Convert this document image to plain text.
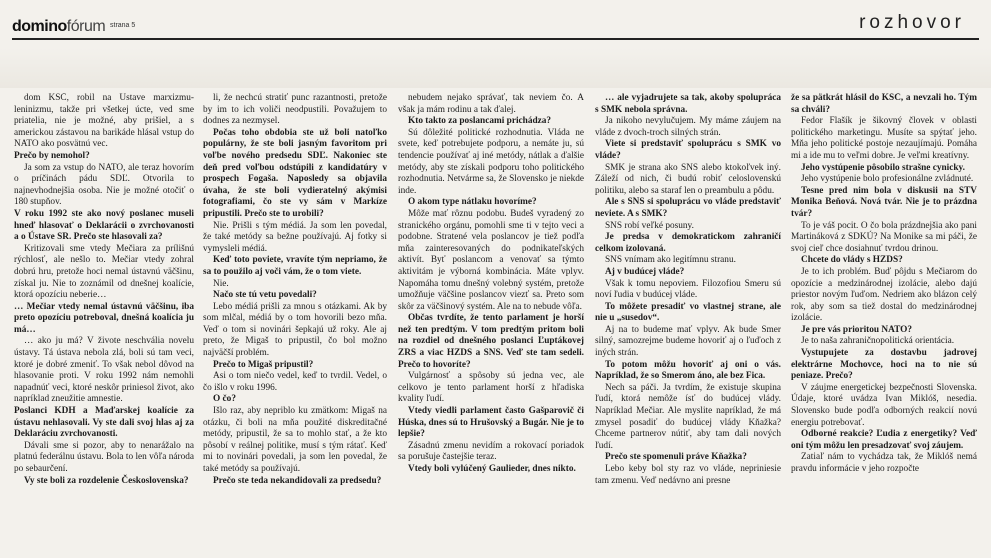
dominofórum strana 5	rozhovor

dom KSČ, robil na Ústave marxizmu-leninizmu, takže pri všetkej úcte, ved sme priatelia, nie je možné, aby prišiel, a s americkou zástavou na barikáde hlásal vstup do NATO ako posvätnú vec.

Prečo by nemohol?

Ja som za vstup do NATO, ale teraz hovorím o príčinách pádu SDĽ. Otvorila to najnevhodnejšia osoba. Nie je možné otočiť o 180 stupňov.

V roku 1992 ste ako nový poslanec museli hneď hlasovať o Deklarácii o zvrchovanosti a o Ústave SR. Prečo ste hlasovali za?

Kritizovali sme vtedy Mečiara za prílišnú rýchlosť, ale nešlo to. Mečiar vtedy zohral dobrú hru, pretože hoci nemal ústavnú väčšinu, získal ju. Nie to zoznámil od dnešnej koalície, ktorá opozíciu neberie…

… Mečiar vtedy nemal ústavnú väčšinu, iba preto opozíciu potreboval, dnešná koalícia ju má…

… ako ju má? V živote neschvália novelu ústavy. Tá ústava nebola zlá, boli sú tam veci, ktoré je dobré zmeniť. To však nebol dôvod na hlasovanie proti. V roku 1992 nám nemohli napadnúť veci, ktoré neskôr priniesol život, ako napríklad zneužitie amnestie.

Poslanci KDH a Maďarskej koalície za ústavu nehlasovali. Vy ste dali svoj hlas aj za Deklaráciu zvrchovanosti.

Dávali sme si pozor, aby to nenarážalo na platnú federálnu ústavu. Bola to len vôľa národa po sebaurčení.

Vy ste boli za rozdelenie Československa?

li, že nechcú stratiť punc razantnosti, pretože by im to ich voliči neodpustili. Považujem to dodnes za nezmysel.

Počas toho obdobia ste už boli natoľko populárny, že ste boli jasným favoritom pri voľbe nového predsedu SDĽ. Nakoniec ste deň pred voľbou odstúpili z kandidatúry v prospech Fogaša. Naposledy sa objavila úvaha, že ste boli vydieratelný akýmisi fotografiami, čo ste vy sám v Markíze pripustili. Prečo ste to urobili?

Nie. Prišli s tým médiá. Ja som len povedal, že také metódy sa bežne používajú. Aj fotky si vymysleli médiá.

Keď toto poviete, vravíte tým nepriamo, že sa to použilo aj voči vám, že o tom viete.

Nie.

Načo ste tú vetu povedali?

Lebo médiá prišli za mnou s otázkami. Ak by som mlčal, médiá by o tom hovorili bezo mňa. Veď o tom si novinári šepkajú už roky. Ale aj preto, že Migaš to pripustil, čo bol možno najväčší problém.

Prečo to Migaš pripustil?

Asi o tom niečo vedel, keď to tvrdil. Vedel, o čo išlo v roku 1996.

O čo?

Išlo raz, aby nepriblo ku zmätkom: Migaš na otázku, či boli na mňa použité diskreditačné metódy, pripustil, že sa to mohlo stať, a že kto pôsobí v reálnej politike, musí s tým rátať. Keď mi to novinári povedali, ja som len povedal, že také metódy sa používajú.

Prečo ste teda nekandidovali za predsedu?

nebudem nejako správať, tak neviem čo. A však ja mám rodinu a tak ďalej.

Kto takto za poslancami prichádza?

Sú dôležité politické rozhodnutia. Vláda ne svete, keď potrebujete podporu, a nemáte ju, sú tendencie používať aj iné metódy, nátlak a ďalšie metódy, aby ste získali podporu toho politického rozhodnutia. Netvárme sa, že Slovensko je niekde inde.

O akom type nátlaku hovoríme?

Môže mať rôznu podobu. Budeš vyradený zo stranického orgánu, pomohli sme ti v tejto veci a podobne. Stratené vela poslancov je tiež podľa mňa zainteresovaných do podnikateľských aktivít. Byť poslancom a venovať sa týmto aktivitám je výborná kombinácia. Máte vplyv. Napomáha tomu dnešný volebný systém, pretože umožňuje väčšine poslancov viezť sa. Preto som skôr za väčšinový systém. Ale na to nebude vôľa.

Občas tvrdíte, že tento parlament je horší než ten predtým. V tom predtým pritom boli na rozdiel od dnešného poslanci Ľuptákovej ZRS a viac HZDS a SNS. Veď ste tam sedeli. Prečo to hovoríte?

Vulgárnosť a spôsoby sú jedna vec, ale celkovo je tento parlament horší z hľadiska kvality ľudí.

Vtedy viedli parlament často Gašparovič či Húska, dnes sú to Hrušovský a Bugár. Nie je to lepšie?

Zásadnú zmenu nevidím a rokovací poriadok sa porušuje častejšie teraz.

Vtedy boli vylúčený Gaulieder, dnes nikto.

… ale vyjadrujete sa tak, akoby spolupráca s SMK nebola správna.

Ja nikoho nevylučujem. My máme záujem na vláde z dvoch-troch silných strán.

Viete si predstaviť spoluprácu s SMK vo vláde?

SMK je strana ako SNS alebo ktokoľvek iný. Záleží od nich, či budú robiť celoslovenskú politiku, alebo sa staraf len o preambulu a pôdu.

Ale s SNS si spoluprácu vo vláde predstaviť neviete. A s SMK?

SNS robí veľké posuny.

Je predsa v demokratickom zahraničí celkom izolovaná.

SNS vnímam ako legitímnu stranu.

Aj v budúcej vláde?

Však k tomu nepoviem. Filozofiou Smeru sú noví ľudia v budúcej vláde.

To môžete presadiť vo vlastnej strane, ale nie u „susedov“.

Aj na to budeme mať vplyv. Ak bude Smer silný, samozrejme budeme hovoriť aj o ľuďoch z iných strán.

To potom môžu hovoriť aj oni o vás. Napríklad, že so Smerom áno, ale bez Fica.

Nech sa páči. Ja tvrdím, že existuje skupina ľudí, ktorá nemôže ísť do budúcej vlády. Napríklad Mečiar. Ale myslite napríklad, že má zmysel posadiť do budúcej vlády Kňažka? Chceme partnerov nútiť, aby tam dali nových ľudí.

Prečo ste spomenuli práve Kňažka?

Lebo keby bol sty raz vo vláde, nepriniesie tam zmenu. Veď nedávno ani presne

že sa pätkrát hlásil do KSČ, a nevzali ho. Tým sa chváli?

Fedor Flašík je šikovný človek v oblasti politického marketingu. Musíte sa spýtať jeho. Mňa jeho politické postoje nezaujímajú. Pomáha mi a ide mu to veľmi dobre. Je veľmi kreatívny.

Jeho vystúpenie pôsobilo strašne cynicky.

Jeho vystúpenie bolo profesionálne zvládnuté.

Tesne pred nim bola v diskusii na STV Monika Beňová. Nová tvár. Nie je to prázdna tvár?

To je váš pocit. O čo bola prázdnejšia ako pani Martináková z SDKÚ? Na Monike sa mi páči, že svoj cieľ chce dosiahnuť tvrdou drinou.

Chcete do vlády s HZDS?

Je to ich problém. Buď pôjdu s Mečiarom do opozície a medzinárodnej izolácie, alebo dajú priestor novým ľuďom. Nedriem ako blázon celý rok, aby som sa tiež dostal do medzinárodnej izolácie.

Je pre vás prioritou NATO?

Je to naša zahraničnopolitická orientácia.

Vystupujete za dostavbu jadrovej elektrárne Mochovce, hoci na to nie sú peniaze. Prečo?

V záujme energetickej bezpečnosti Slovenska. Údaje, ktoré uvádza Ivan Miklóš, nesedia. Slovensko bude podľa odborných reakcií novú energiu potrebovať.

Odborné reakcie? Ľudia z energetiky? Veď oni tým môžu len presadzovať svoj záujem.

Zatiaľ nám to vychádza tak, že Miklóš nemá pravdu informácie v jeho rozpočte
